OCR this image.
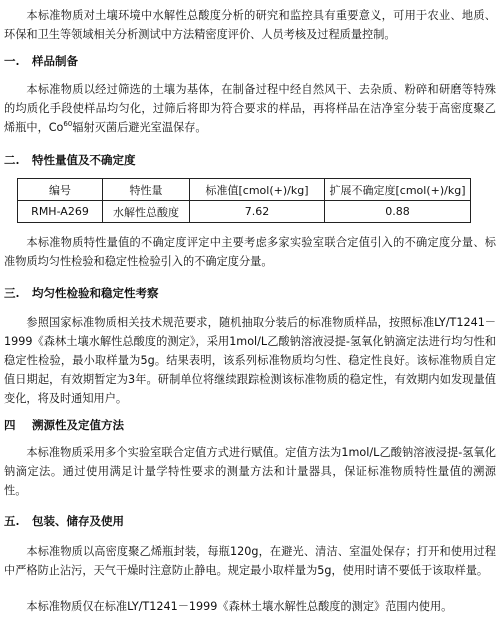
本标准物质对土壤环境中水解性总酸度分析的研究和监控具有重要意义，可用于农业、地质、环保和卫生等领域相关分析测试中方法精密度评价、人员考核及过程质量控制。

一. 样品制备

本标准物质以经过筛选的土壤为基体，在制备过程中经自然风干、去杂质、粉碎和研磨等特殊的均质化手段使样品均匀化，过筛后将即为符合要求的样品，再将样品在洁净室分装于高密度聚乙烯瓶中，Co$^{60}$辐射灭菌后避光室温保存。

二. 特性量值及不确定度
编号	特性量	标准值[cmol(+)/kg]	扩展不确定度[cmol(+)/kg]
RMH-A269	水解性总酸度	7.62	0.88

本标准物质特性量值的不确定度评定中主要考虑多家实验室联合定值引入的不确定度分量、标准物质均匀性检验和稳定性检验引入的不确定度分量。

三. 均匀性检验和稳定性考察

参照国家标准物质相关技术规范要求，随机抽取分装后的标准物质样品，按照标准LY/T1241－1999《森林土壤水解性总酸度的测定》，采用1mol/L乙酸钠溶液浸提-氢氧化钠滴定法进行均匀性和稳定性检验，最小取样量为5g。结果表明，该系列标准物质均匀性、稳定性良好。该标准物质自定值日期起，有效期暂定为3年。研制单位将继续跟踪检测该标准物质的稳定性，有效期内如发现量值变化，将及时通知用户。

四 溯源性及定值方法

本标准物质采用多个实验室联合定值方式进行赋值。定值方法为1mol/L乙酸钠溶液浸提-氢氧化钠滴定法。通过使用满足计量学特性要求的测量方法和计量器具，保证标准物质特性量值的溯源性。

五. 包装、储存及使用

本标准物质以高密度聚乙烯瓶封装，每瓶120g，在避光、清洁、室温处保存；打开和使用过程中严格防止沾污，天气干燥时注意防止静电。规定最小取样量为5g，使用时请不要低于该取样量。

本标准物质仅在标准LY/T1241－1999《森林土壤水解性总酸度的测定》范围内使用。
